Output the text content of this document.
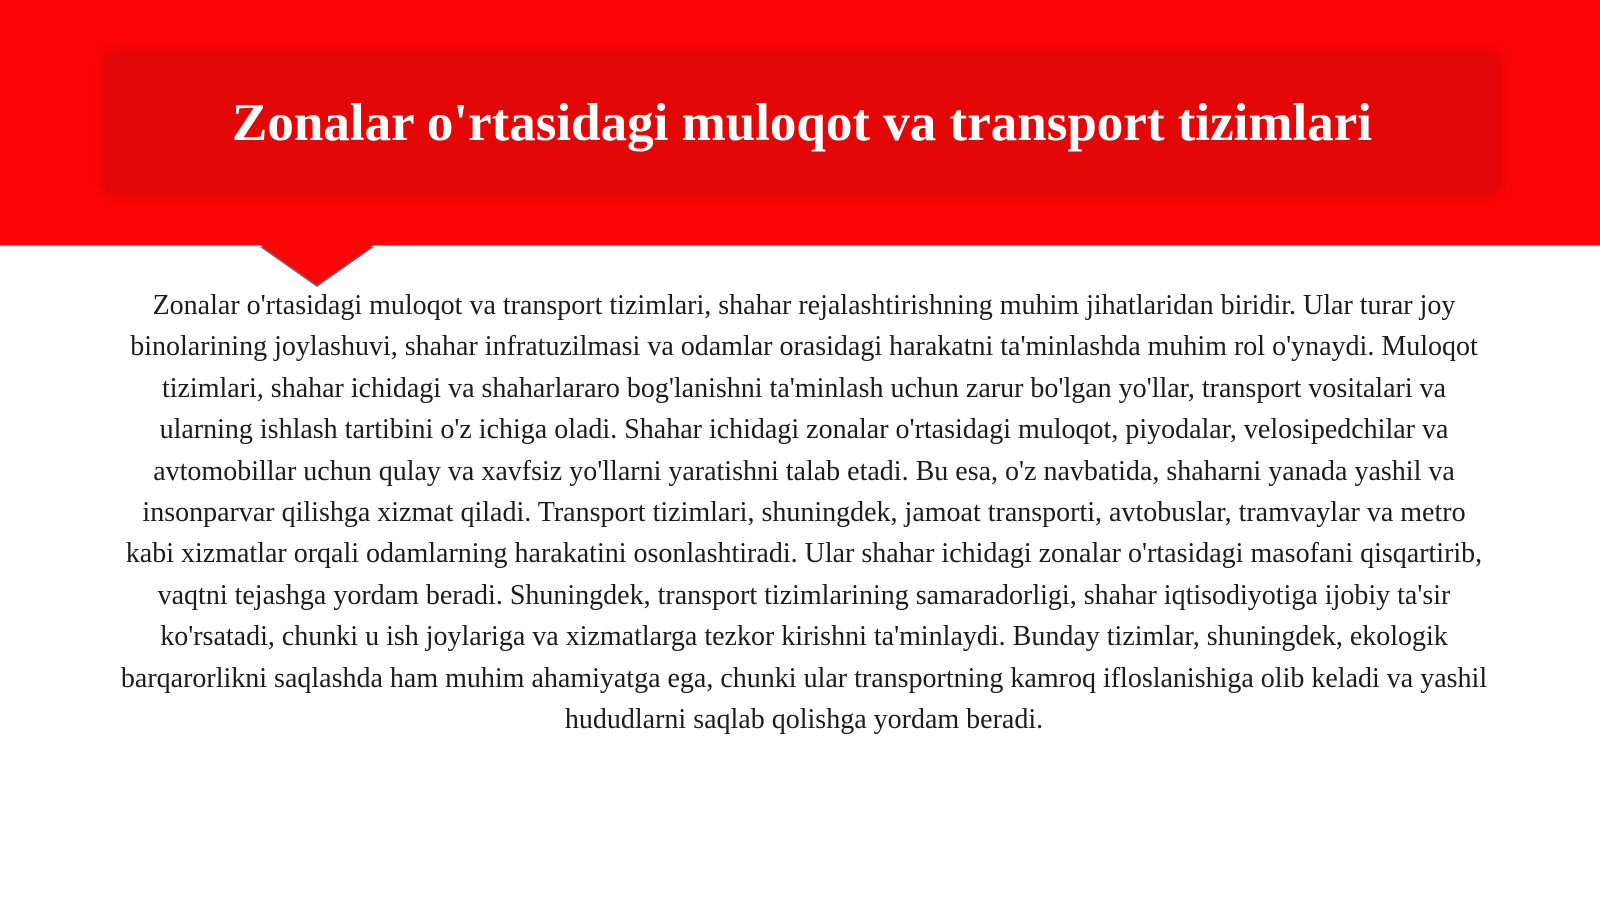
Zonalar o'rtasidagi muloqot va transport tizimlari

Zonalar o'rtasidagi muloqot va transport tizimlari, shahar rejalashtirishning muhim jihatlaridan biridir. Ular turar joy binolarining joylashuvi, shahar infratuzilmasi va odamlar orasidagi harakatni ta'minlashda muhim rol o'ynaydi. Muloqot tizimlari, shahar ichidagi va shaharlararo bog'lanishni ta'minlash uchun zarur bo'lgan yo'llar, transport vositalari va ularning ishlash tartibini o'z ichiga oladi. Shahar ichidagi zonalar o'rtasidagi muloqot, piyodalar, velosipedchilar va avtomobillar uchun qulay va xavfsiz yo'llarni yaratishni talab etadi. Bu esa, o'z navbatida, shaharni yanada yashil va insonparvar qilishga xizmat qiladi. Transport tizimlari, shuningdek, jamoat transporti, avtobuslar, tramvaylar va metro kabi xizmatlar orqali odamlarning harakatini osonlashtiradi. Ular shahar ichidagi zonalar o'rtasidagi masofani qisqartirib, vaqtni tejashga yordam beradi. Shuningdek, transport tizimlarining samaradorligi, shahar iqtisodiyotiga ijobiy ta'sir ko'rsatadi, chunki u ish joylariga va xizmatlarga tezkor kirishni ta'minlaydi. Bunday tizimlar, shuningdek, ekologik barqarorlikni saqlashda ham muhim ahamiyatga ega, chunki ular transportning kamroq ifloslanishiga olib keladi va yashil hududlarni saqlab qolishga yordam beradi.
